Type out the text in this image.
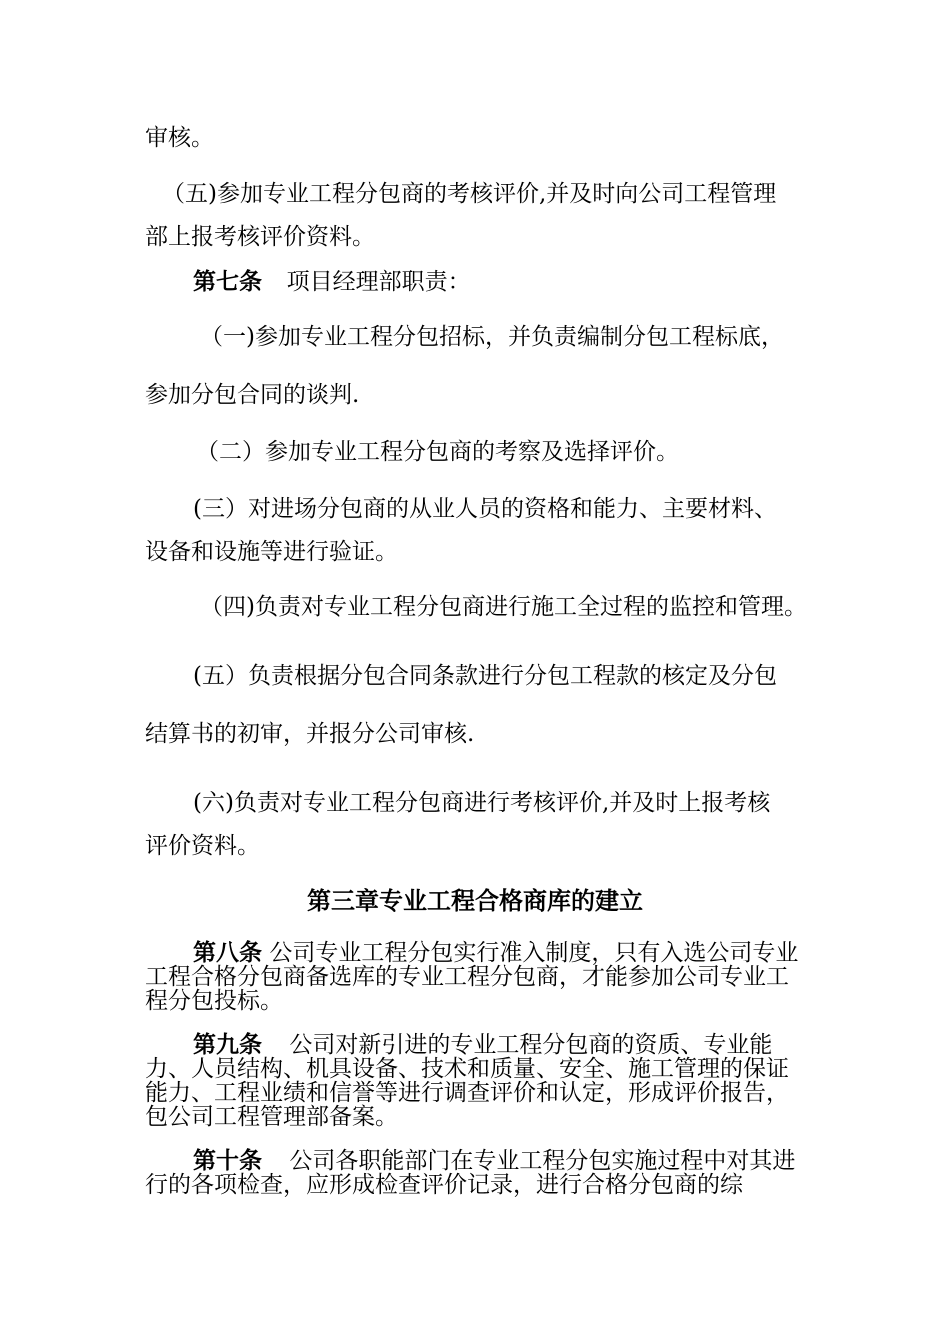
审核。

（五)参加专业工程分包商的考核评价,并及时向公司工程管理

部上报考核评价资料。

第七条 项目经理部职责：

（一)参加专业工程分包招标，并负责编制分包工程标底，

参加分包合同的谈判.

（二）参加专业工程分包商的考察及选择评价。

(三）对进场分包商的从业人员的资格和能力、主要材料、

设备和设施等进行验证。

（四)负责对专业工程分包商进行施工全过程的监控和管理。

(五）负责根据分包合同条款进行分包工程款的核定及分包

结算书的初审，并报分公司审核.

(六)负责对专业工程分包商进行考核评价,并及时上报考核

评价资料。

第三章专业工程合格商库的建立

第八条 公司专业工程分包实行准入制度，只有入选公司专业工程合格分包商备选库的专业工程分包商，才能参加公司专业工程分包投标。

第九条 公司对新引进的专业工程分包商的资质、专业能力、人员结构、机具设备、技术和质量、安全、施工管理的保证能力、工程业绩和信誉等进行调查评价和认定，形成评价报告，包公司工程管理部备案。

第十条 公司各职能部门在专业工程分包实施过程中对其进行的各项检查，应形成检查评价记录，进行合格分包商的综
